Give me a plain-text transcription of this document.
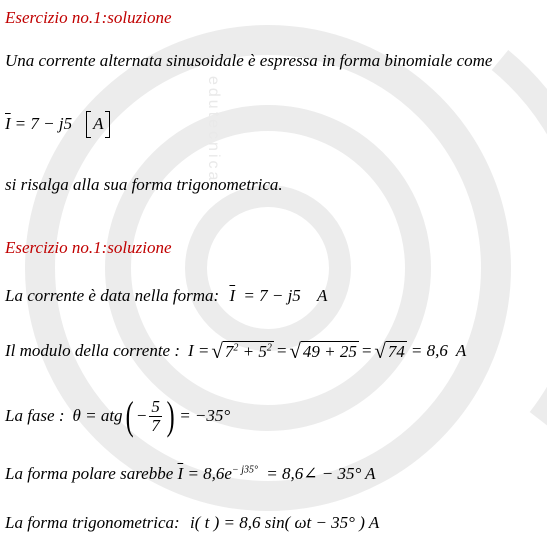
edutecnica
Esercizio no.1:soluzione
Una corrente alternata sinusoidale è espressa in forma binomiale come
$\overline{I} = 7 - j5$	A
si risalga alla sua forma trigonometrica.
Esercizio no.1:soluzione
La corrente è data nella forma: $\overline{I} = 7 - j5$ A
Il modulo della corrente : I = √ $7^2 + 5^2$ = √ 49 + 25 = √ 74 = 8,6 A
La fase : θ = atg ( − $\frac{5}{7}$ ) = −35°
La forma polare sarebbe $\overline{I} = 8,6e^{- j35^\circ}$ = 8,6∠ − 35° A
La forma trigonometrica: i( t ) = 8,6 sin( ωt − 35° ) A
